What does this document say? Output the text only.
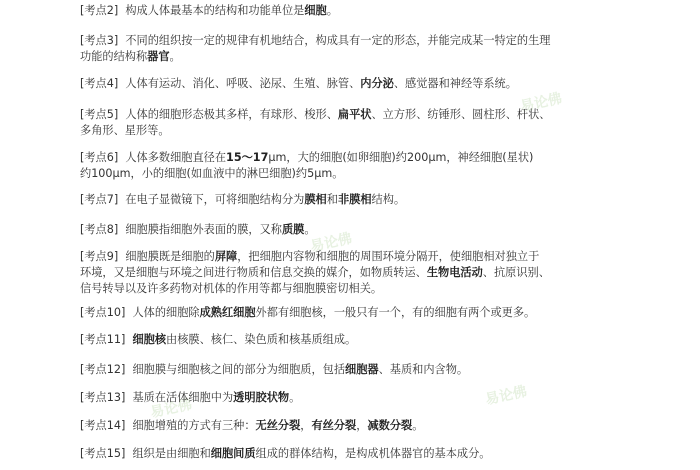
易论佛
易论佛
易论佛
易论佛
[考点2]  构成人体最基本的结构和功能单位是细胞。
[考点3]  不同的组织按一定的规律有机地结合，构成具有一定的形态，并能完成某一特定的生理
功能的结构称器官。
[考点4]  人体有运动、消化、呼吸、泌尿、生殖、脉管、内分泌、感觉器和神经等系统。
[考点5]  人体的细胞形态极其多样，有球形、梭形、扁平状、立方形、纺锤形、圆柱形、杆状、
多角形、星形等。
[考点6]  人体多数细胞直径在15～17μm，大的细胞(如卵细胞)约200μm，神经细胞(星状)
约100μm，小的细胞(如血液中的淋巴细胞)约5μm。
[考点7]  在电子显微镜下，可将细胞结构分为膜相和非膜相结构。
[考点8]  细胞膜指细胞外表面的膜，又称质膜。
[考点9]  细胞膜既是细胞的屏障，把细胞内容物和细胞的周围环境分隔开，使细胞相对独立于
环境，又是细胞与环境之间进行物质和信息交换的媒介，如物质转运、生物电活动、抗原识别、
信号转导以及许多药物对机体的作用等都与细胞膜密切相关。
[考点10]  人体的细胞除成熟红细胞外都有细胞核，一般只有一个，有的细胞有两个或更多。
[考点11]  细胞核由核膜、核仁、染色质和核基质组成。
[考点12]  细胞膜与细胞核之间的部分为细胞质，包括细胞器、基质和内含物。
[考点13]  基质在活体细胞中为透明胶状物。
[考点14]  细胞增殖的方式有三种：无丝分裂，有丝分裂，减数分裂。
[考点15]  组织是由细胞和细胞间质组成的群体结构，是构成机体器官的基本成分。
